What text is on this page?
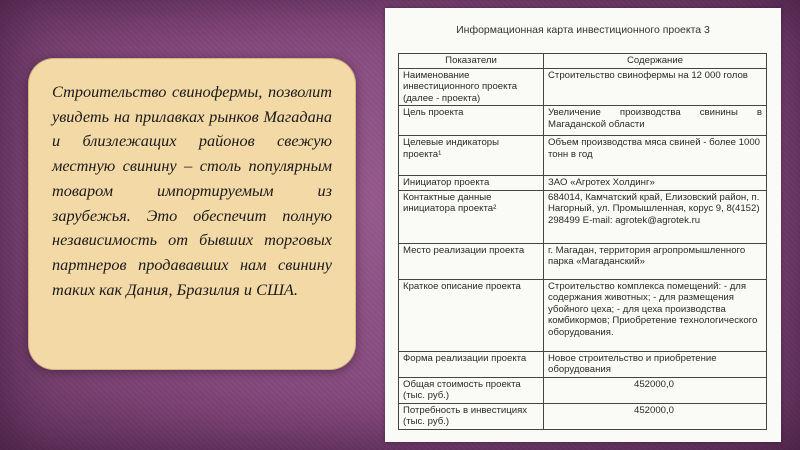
Строительство свинофермы, позволит увидеть на прилавках рынков Магадана и близлежащих районов свежую местную свинину – столь популярным товаром импортируемым из зарубежья. Это обеспечит полную независимость от бывших торговых партнеров продававших нам свинину таких как Дания, Бразилия и США.

Информационная карта инвестиционного проекта 3
Показатели	Содержание
Наименование инвестиционного проекта (далее - проекта)	Строительство свинофермы на 12 000 голов
Цель проекта	Увеличение производства свинины в Магаданской области
Целевые индикаторы проекта¹	Объем производства мяса свиней - более 1000 тонн в год
Инициатор проекта	ЗАО «Агротех Холдинг»
Контактные данные инициатора проекта²	684014, Камчатский край, Елизовский район, п. Нагорный, ул. Промышленная, корус 9, 8(4152) 298499 E-mail: agrotek@agrotek.ru
Место реализации проекта	г. Магадан, территория агропромышленного парка «Магаданский»
Краткое описание проекта	Строительство комплекса помещений: - для содержания животных; - для размещения убойного цеха; - для цеха производства комбикормов; Приобретение технологического оборудования.
Форма реализации проекта	Новое строительство и приобретение оборудования
Общая стоимость проекта (тыс. руб.)	452000,0
Потребность в инвестициях (тыс. руб.)	452000,0
